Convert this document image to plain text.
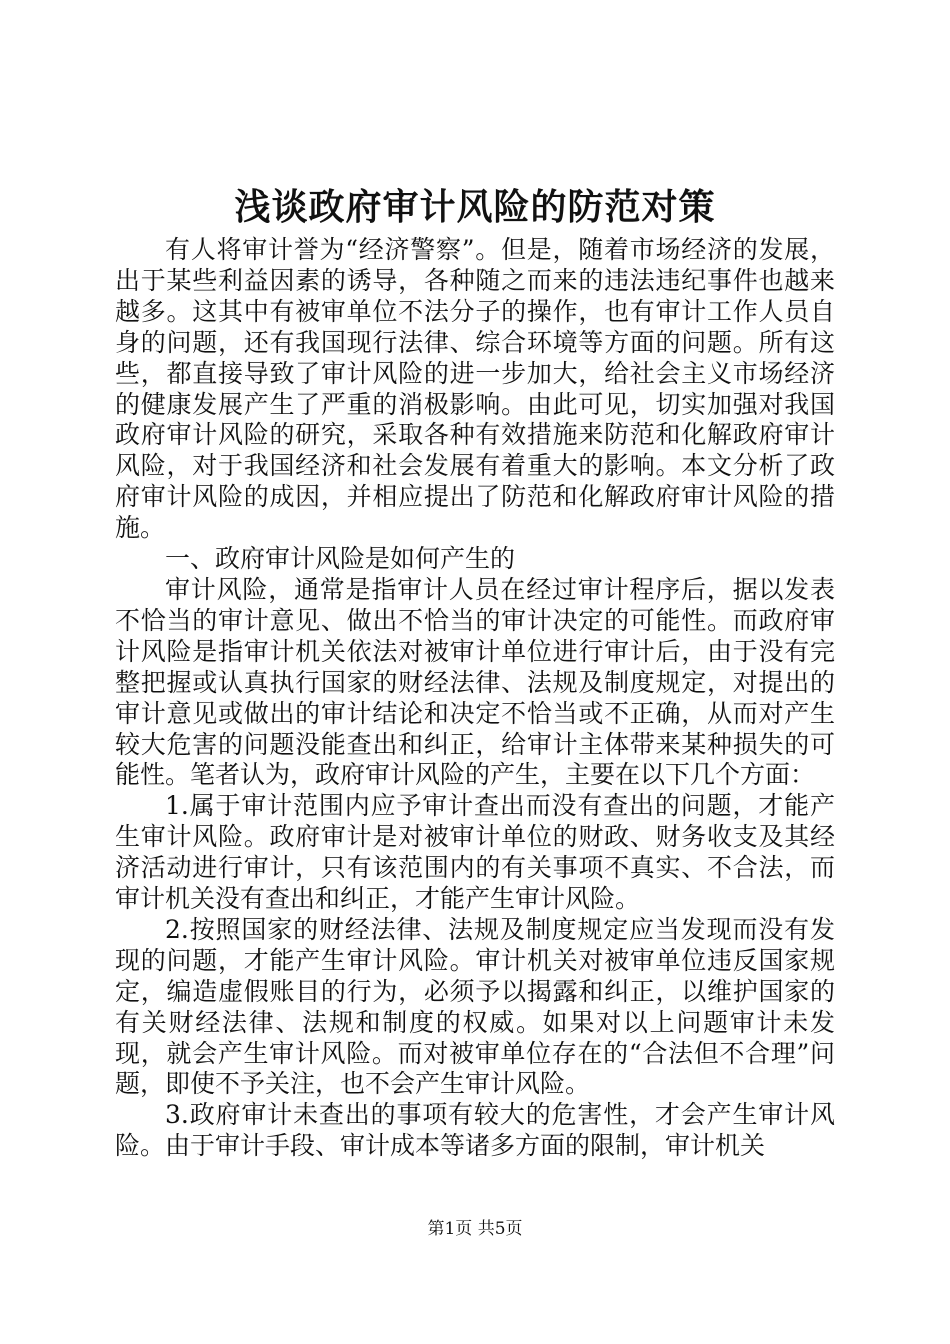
浅谈政府审计风险的防范对策

有人将审计誉为“经济警察”。但是，随着市场经济的发展，出于某些利益因素的诱导，各种随之而来的违法违纪事件也越来越多。这其中有被审单位不法分子的操作，也有审计工作人员自身的问题，还有我国现行法律、综合环境等方面的问题。所有这些，都直接导致了审计风险的进一步加大，给社会主义市场经济的健康发展产生了严重的消极影响。由此可见，切实加强对我国政府审计风险的研究，采取各种有效措施来防范和化解政府审计风险，对于我国经济和社会发展有着重大的影响。本文分析了政府审计风险的成因，并相应提出了防范和化解政府审计风险的措施。

一、政府审计风险是如何产生的

审计风险，通常是指审计人员在经过审计程序后，据以发表不恰当的审计意见、做出不恰当的审计决定的可能性。而政府审计风险是指审计机关依法对被审计单位进行审计后，由于没有完整把握或认真执行国家的财经法律、法规及制度规定，对提出的审计意见或做出的审计结论和决定不恰当或不正确，从而对产生较大危害的问题没能查出和纠正，给审计主体带来某种损失的可能性。笔者认为，政府审计风险的产生，主要在以下几个方面：

1.属于审计范围内应予审计查出而没有查出的问题，才能产生审计风险。政府审计是对被审计单位的财政、财务收支及其经济活动进行审计，只有该范围内的有关事项不真实、不合法，而审计机关没有查出和纠正，才能产生审计风险。

2.按照国家的财经法律、法规及制度规定应当发现而没有发现的问题，才能产生审计风险。审计机关对被审单位违反国家规定，编造虚假账目的行为，必须予以揭露和纠正，以维护国家的有关财经法律、法规和制度的权威。如果对以上问题审计未发现，就会产生审计风险。而对被审单位存在的“合法但不合理”问题，即使不予关注，也不会产生审计风险。

3.政府审计未查出的事项有较大的危害性，才会产生审计风险。由于审计手段、审计成本等诸多方面的限制，审计机关

第1页 共5页
